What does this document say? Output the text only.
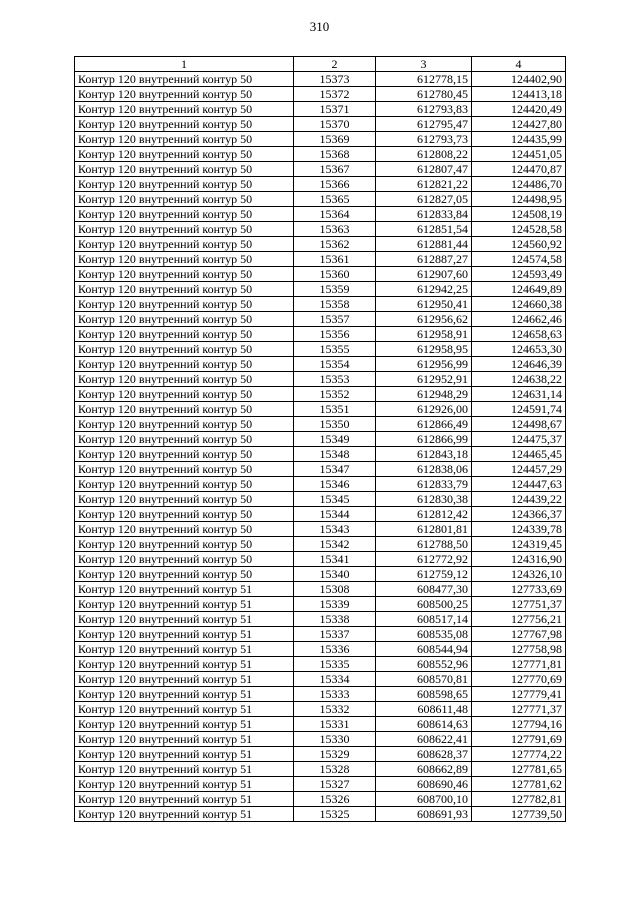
310
1	2	3	4
Контур 120 внутренний контур 50	15373	612778,15	124402,90
Контур 120 внутренний контур 50	15372	612780,45	124413,18
Контур 120 внутренний контур 50	15371	612793,83	124420,49
Контур 120 внутренний контур 50	15370	612795,47	124427,80
Контур 120 внутренний контур 50	15369	612793,73	124435,99
Контур 120 внутренний контур 50	15368	612808,22	124451,05
Контур 120 внутренний контур 50	15367	612807,47	124470,87
Контур 120 внутренний контур 50	15366	612821,22	124486,70
Контур 120 внутренний контур 50	15365	612827,05	124498,95
Контур 120 внутренний контур 50	15364	612833,84	124508,19
Контур 120 внутренний контур 50	15363	612851,54	124528,58
Контур 120 внутренний контур 50	15362	612881,44	124560,92
Контур 120 внутренний контур 50	15361	612887,27	124574,58
Контур 120 внутренний контур 50	15360	612907,60	124593,49
Контур 120 внутренний контур 50	15359	612942,25	124649,89
Контур 120 внутренний контур 50	15358	612950,41	124660,38
Контур 120 внутренний контур 50	15357	612956,62	124662,46
Контур 120 внутренний контур 50	15356	612958,91	124658,63
Контур 120 внутренний контур 50	15355	612958,95	124653,30
Контур 120 внутренний контур 50	15354	612956,99	124646,39
Контур 120 внутренний контур 50	15353	612952,91	124638,22
Контур 120 внутренний контур 50	15352	612948,29	124631,14
Контур 120 внутренний контур 50	15351	612926,00	124591,74
Контур 120 внутренний контур 50	15350	612866,49	124498,67
Контур 120 внутренний контур 50	15349	612866,99	124475,37
Контур 120 внутренний контур 50	15348	612843,18	124465,45
Контур 120 внутренний контур 50	15347	612838,06	124457,29
Контур 120 внутренний контур 50	15346	612833,79	124447,63
Контур 120 внутренний контур 50	15345	612830,38	124439,22
Контур 120 внутренний контур 50	15344	612812,42	124366,37
Контур 120 внутренний контур 50	15343	612801,81	124339,78
Контур 120 внутренний контур 50	15342	612788,50	124319,45
Контур 120 внутренний контур 50	15341	612772,92	124316,90
Контур 120 внутренний контур 50	15340	612759,12	124326,10
Контур 120 внутренний контур 51	15308	608477,30	127733,69
Контур 120 внутренний контур 51	15339	608500,25	127751,37
Контур 120 внутренний контур 51	15338	608517,14	127756,21
Контур 120 внутренний контур 51	15337	608535,08	127767,98
Контур 120 внутренний контур 51	15336	608544,94	127758,98
Контур 120 внутренний контур 51	15335	608552,96	127771,81
Контур 120 внутренний контур 51	15334	608570,81	127770,69
Контур 120 внутренний контур 51	15333	608598,65	127779,41
Контур 120 внутренний контур 51	15332	608611,48	127771,37
Контур 120 внутренний контур 51	15331	608614,63	127794,16
Контур 120 внутренний контур 51	15330	608622,41	127791,69
Контур 120 внутренний контур 51	15329	608628,37	127774,22
Контур 120 внутренний контур 51	15328	608662,89	127781,65
Контур 120 внутренний контур 51	15327	608690,46	127781,62
Контур 120 внутренний контур 51	15326	608700,10	127782,81
Контур 120 внутренний контур 51	15325	608691,93	127739,50
